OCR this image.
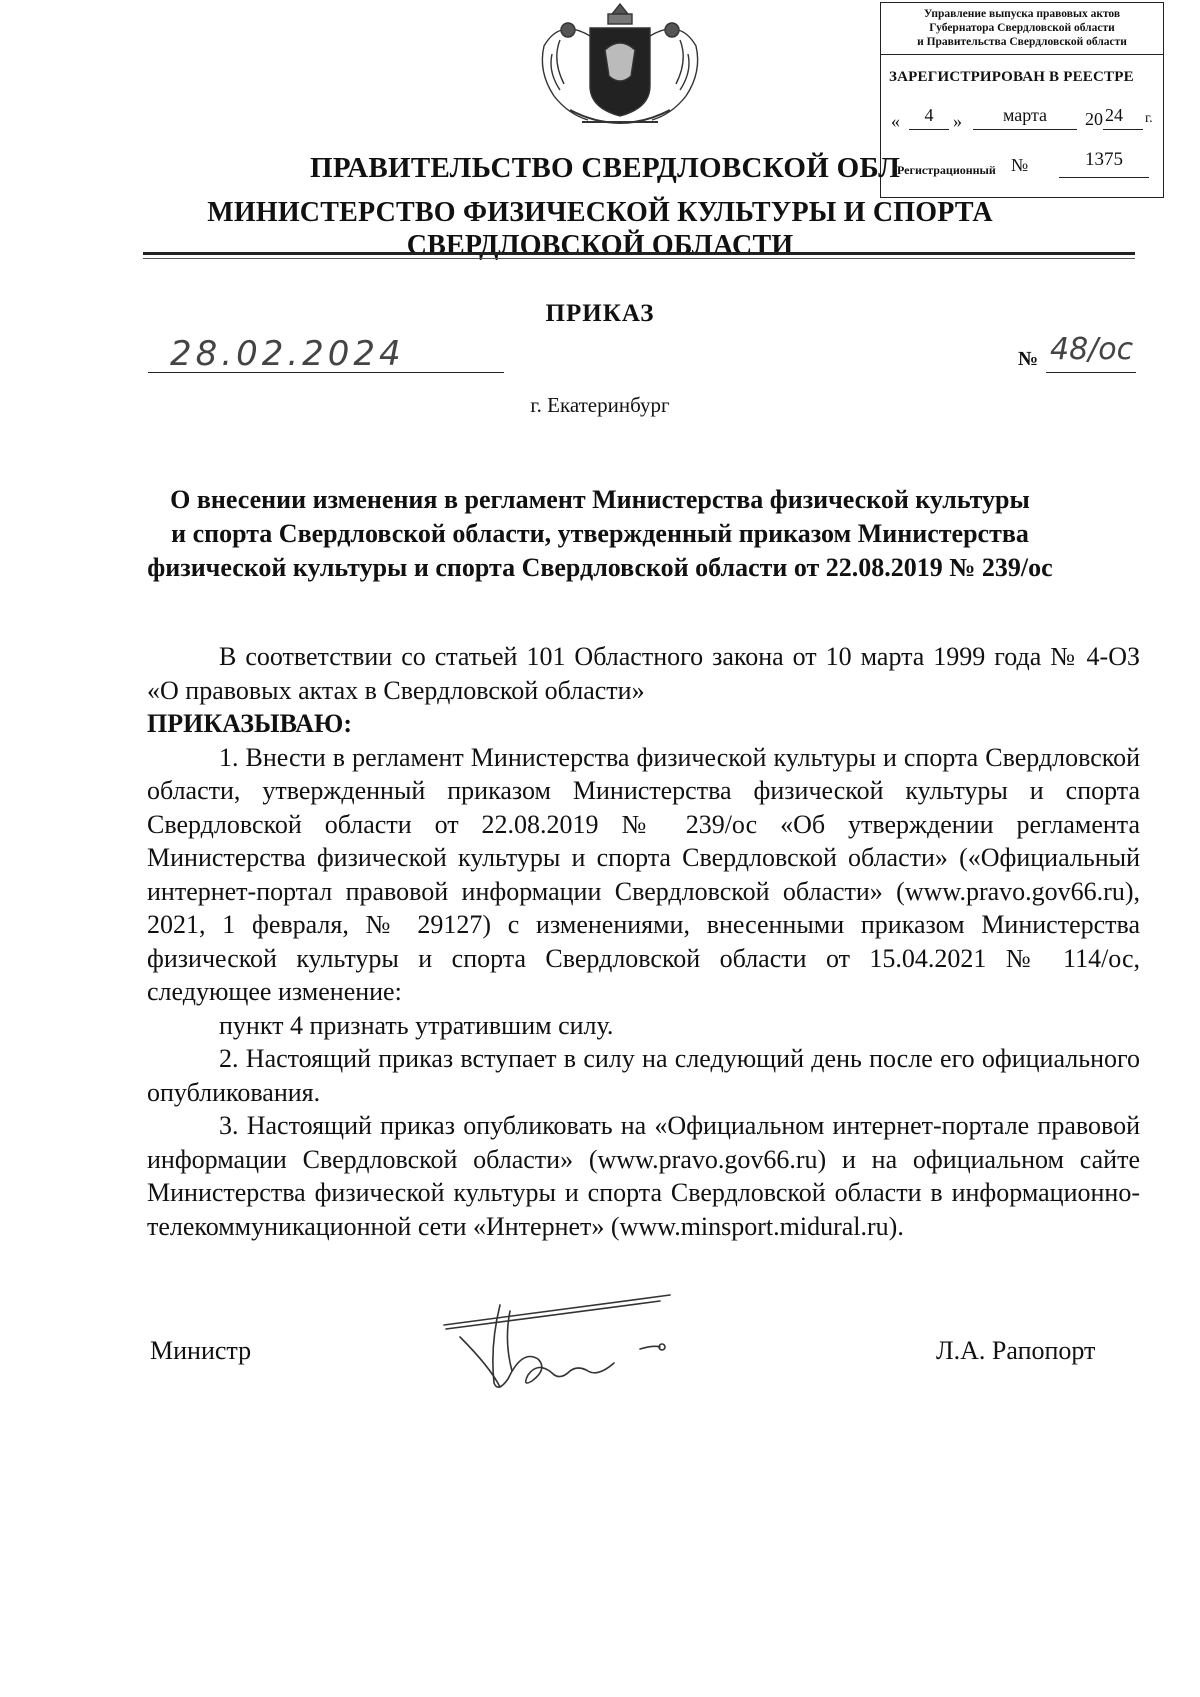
Управление выпуска правовых актов
Губернатора Свердловской области
и Правительства Свердловской области
ЗАРЕГИСТРИРОВАН В РЕЕСТРЕ
«	4	»	марта	20 24 г.
Регистрационный №	1375
ПРАВИТЕЛЬСТВО СВЕРДЛОВСКОЙ ОБЛ
МИНИСТЕРСТВО ФИЗИЧЕСКОЙ КУЛЬТУРЫ И СПОРТА
СВЕРДЛОВСКОЙ ОБЛАСТИ
ПРИКАЗ
28.02.2024	№ 48/ос
г. Екатеринбург
О внесении изменения в регламент Министерства физической культуры
и спорта Свердловской области, утвержденный приказом Министерства
физической культуры и спорта Свердловской области от 22.08.2019 № 239/ос

В соответствии со статьей 101 Областного закона от 10 марта 1999 года № 4-ОЗ «О правовых актах в Свердловской области»

ПРИКАЗЫВАЮ:

1. Внести в регламент Министерства физической культуры и спорта Свердловской области, утвержденный приказом Министерства физической культуры и спорта Свердловской области от 22.08.2019 № 239/ос «Об утверждении регламента Министерства физической культуры и спорта Свердловской области» («Официальный интернет-портал правовой информации Свердловской области» (www.pravo.gov66.ru), 2021, 1 февраля, № 29127) с изменениями, внесенными приказом Министерства физической культуры и спорта Свердловской области от 15.04.2021 № 114/ос, следующее изменение:

пункт 4 признать утратившим силу.

2. Настоящий приказ вступает в силу на следующий день после его официального опубликования.

3. Настоящий приказ опубликовать на «Официальном интернет-портале правовой информации Свердловской области» (www.pravo.gov66.ru) и на официальном сайте Министерства физической культуры и спорта Свердловской области в информационно-телекоммуникационной сети «Интернет» (www.minsport.midural.ru).

Министр	Л.А. Рапопорт
